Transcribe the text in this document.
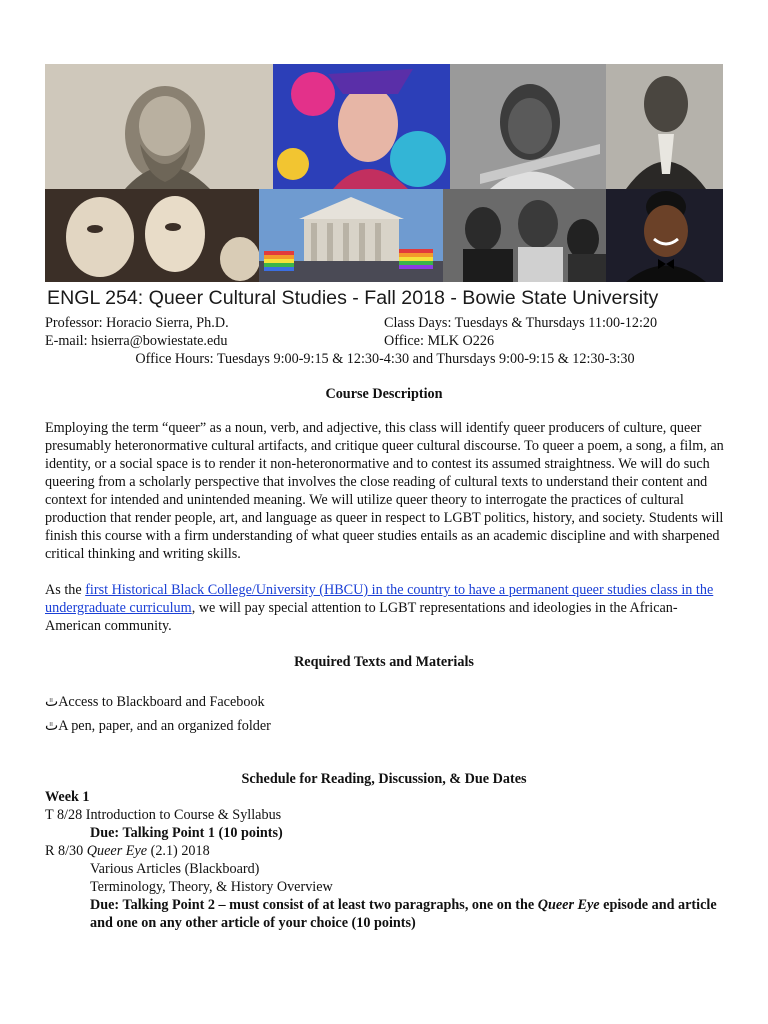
ENGL 254: Queer Cultural Studies - Fall 2018 - Bowie State University
Professor: Horacio Sierra, Ph.D.	Class Days: Tuesdays & Thursdays 11:00-12:20
E-mail: hsierra@bowiestate.edu	Office: MLK O226
Office Hours: Tuesdays 9:00-9:15 & 12:30-4:30 and Thursdays 9:00-9:15 & 12:30-3:30
Course Description

Employing the term “queer” as a noun, verb, and adjective, this class will identify queer producers of culture, queer presumably heteronormative cultural artifacts, and critique queer cultural discourse. To queer a poem, a song, a film, an identity, or a social space is to render it non-heteronormative and to contest its assumed straightness. We will do such queering from a scholarly perspective that involves the close reading of cultural texts to understand their content and context for intended and unintended meaning. We will utilize queer theory to interrogate the practices of cultural production that render people, art, and language as queer in respect to LGBT politics, history, and society. Students will finish this course with a firm understanding of what queer studies entails as an academic discipline and with sharpened critical thinking and writing skills.

As the first Historical Black College/University (HBCU) in the country to have a permanent queer studies class in the undergraduate curriculum, we will pay special attention to LGBT representations and ideologies in the African-American community.

Required Texts and Materials
ﭢAccess to Blackboard and Facebook
ﭢA pen, paper, and an organized folder
Schedule for Reading, Discussion, & Due Dates
Week 1
T 8/28 Introduction to Course & Syllabus
Due: Talking Point 1 (10 points)
R 8/30 Queer Eye (2.1) 2018
Various Articles (Blackboard)
Terminology, Theory, & History Overview
Due: Talking Point 2 – must consist of at least two paragraphs, one on the Queer Eye episode and article and one on any other article of your choice (10 points)
